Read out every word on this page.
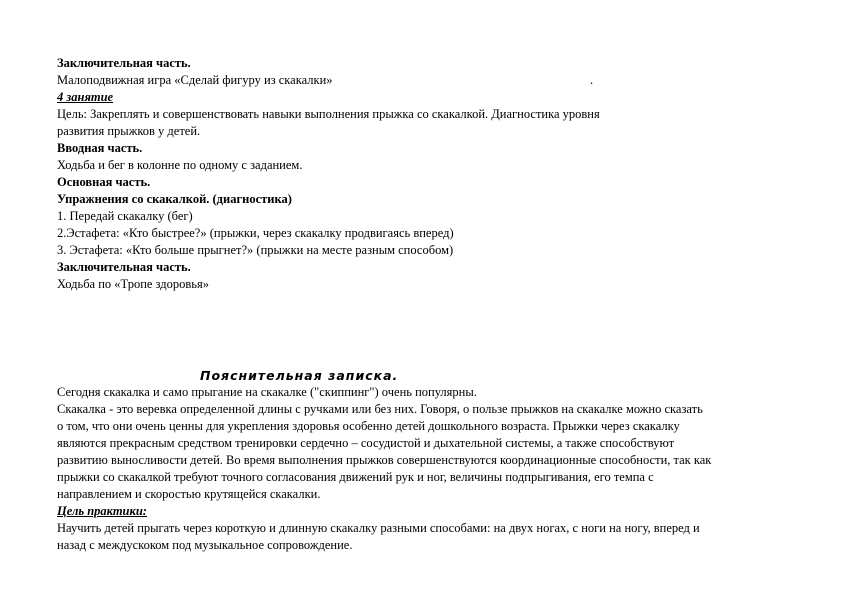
Заключительная часть.
Малоподвижная игра «Сделай фигуру из скакалки»	.
4 занятие
Цель: Закреплять и совершенствовать навыки выполнения прыжка со скакалкой. Диагностика уровня
развития прыжков у детей.
Вводная часть.
Ходьба и бег в колонне по одному с заданием.
Основная часть.
Упражнения со скакалкой. (диагностика)
1. Передай скакалку (бег)
2.Эстафета: «Кто быстрее?» (прыжки, через скакалку продвигаясь вперед)
3. Эстафета: «Кто больше прыгнет?» (прыжки на месте разным способом)
Заключительная часть.
Ходьба по «Тропе здоровья»
Пояснительная записка.
Сегодня скакалка и само прыгание на скакалке ("скиппинг") очень популярны.
Скакалка - это веревка определенной длины с ручками или без них. Говоря, о пользе прыжков на скакалке можно сказать
о том, что они очень ценны для укрепления здоровья особенно детей дошкольного возраста. Прыжки через скакалку
являются прекрасным средством тренировки сердечно – сосудистой и дыхательной системы, а также способствуют
развитию выносливости детей. Во время выполнения прыжков совершенствуются координационные способности, так как
прыжки со скакалкой требуют точного согласования движений рук и ног, величины подпрыгивания, его темпа с
направлением и скоростью крутящейся скакалки.
Цель практики:
Научить детей прыгать через короткую и длинную скакалку разными способами: на двух ногах, с ноги на ногу, вперед и
назад с междускоком под музыкальное сопровождение.
